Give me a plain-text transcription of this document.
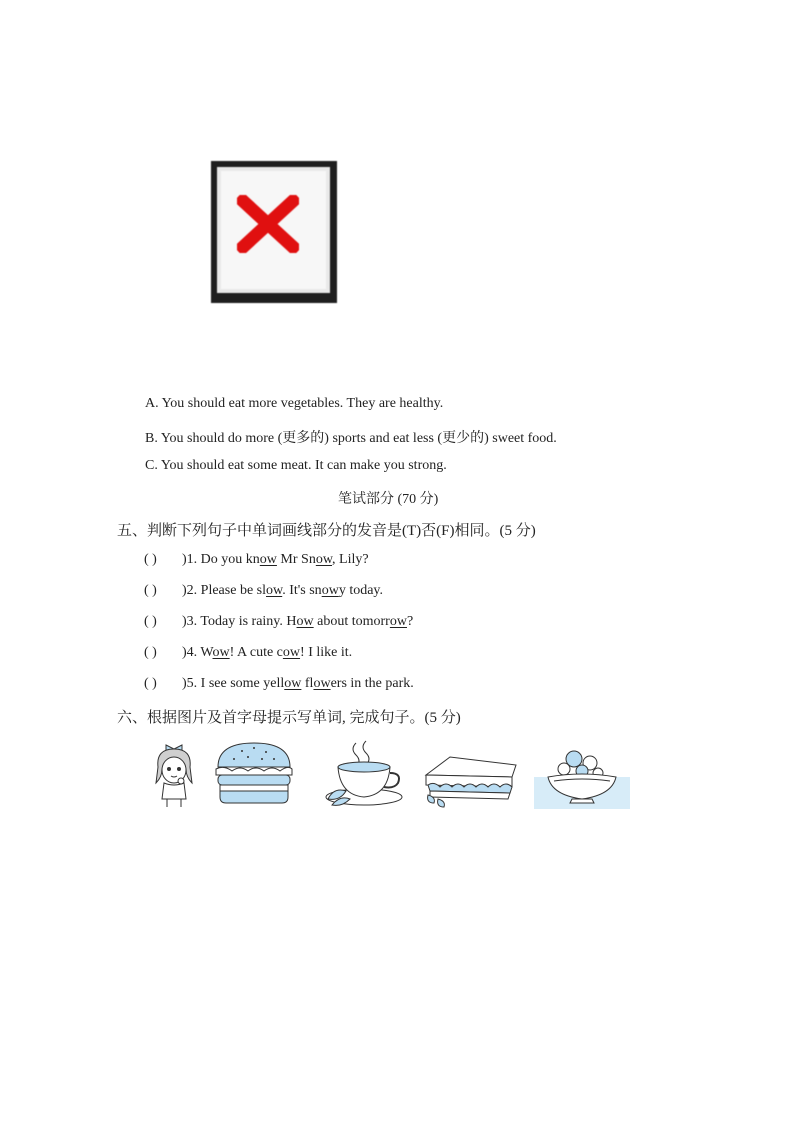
A. You should eat more vegetables. They are healthy.
B. You should do more (更多的) sports and eat less (更少的) sweet food.
C. You should eat some meat. It can make you strong.
笔试部分 (70 分)
五、判断下列句子中单词画线部分的发音是(T)否(F)相同。(5 分)
( ) )1. Do you know Mr Snow, Lily?
( ) )2. Please be slow. It's snowy today.
( ) )3. Today is rainy. How about tomorrow?
( ) )4. Wow! A cute cow! I like it.
( ) )5. I see some yellow flowers in the park.
六、根据图片及首字母提示写单词, 完成句子。(5 分)
